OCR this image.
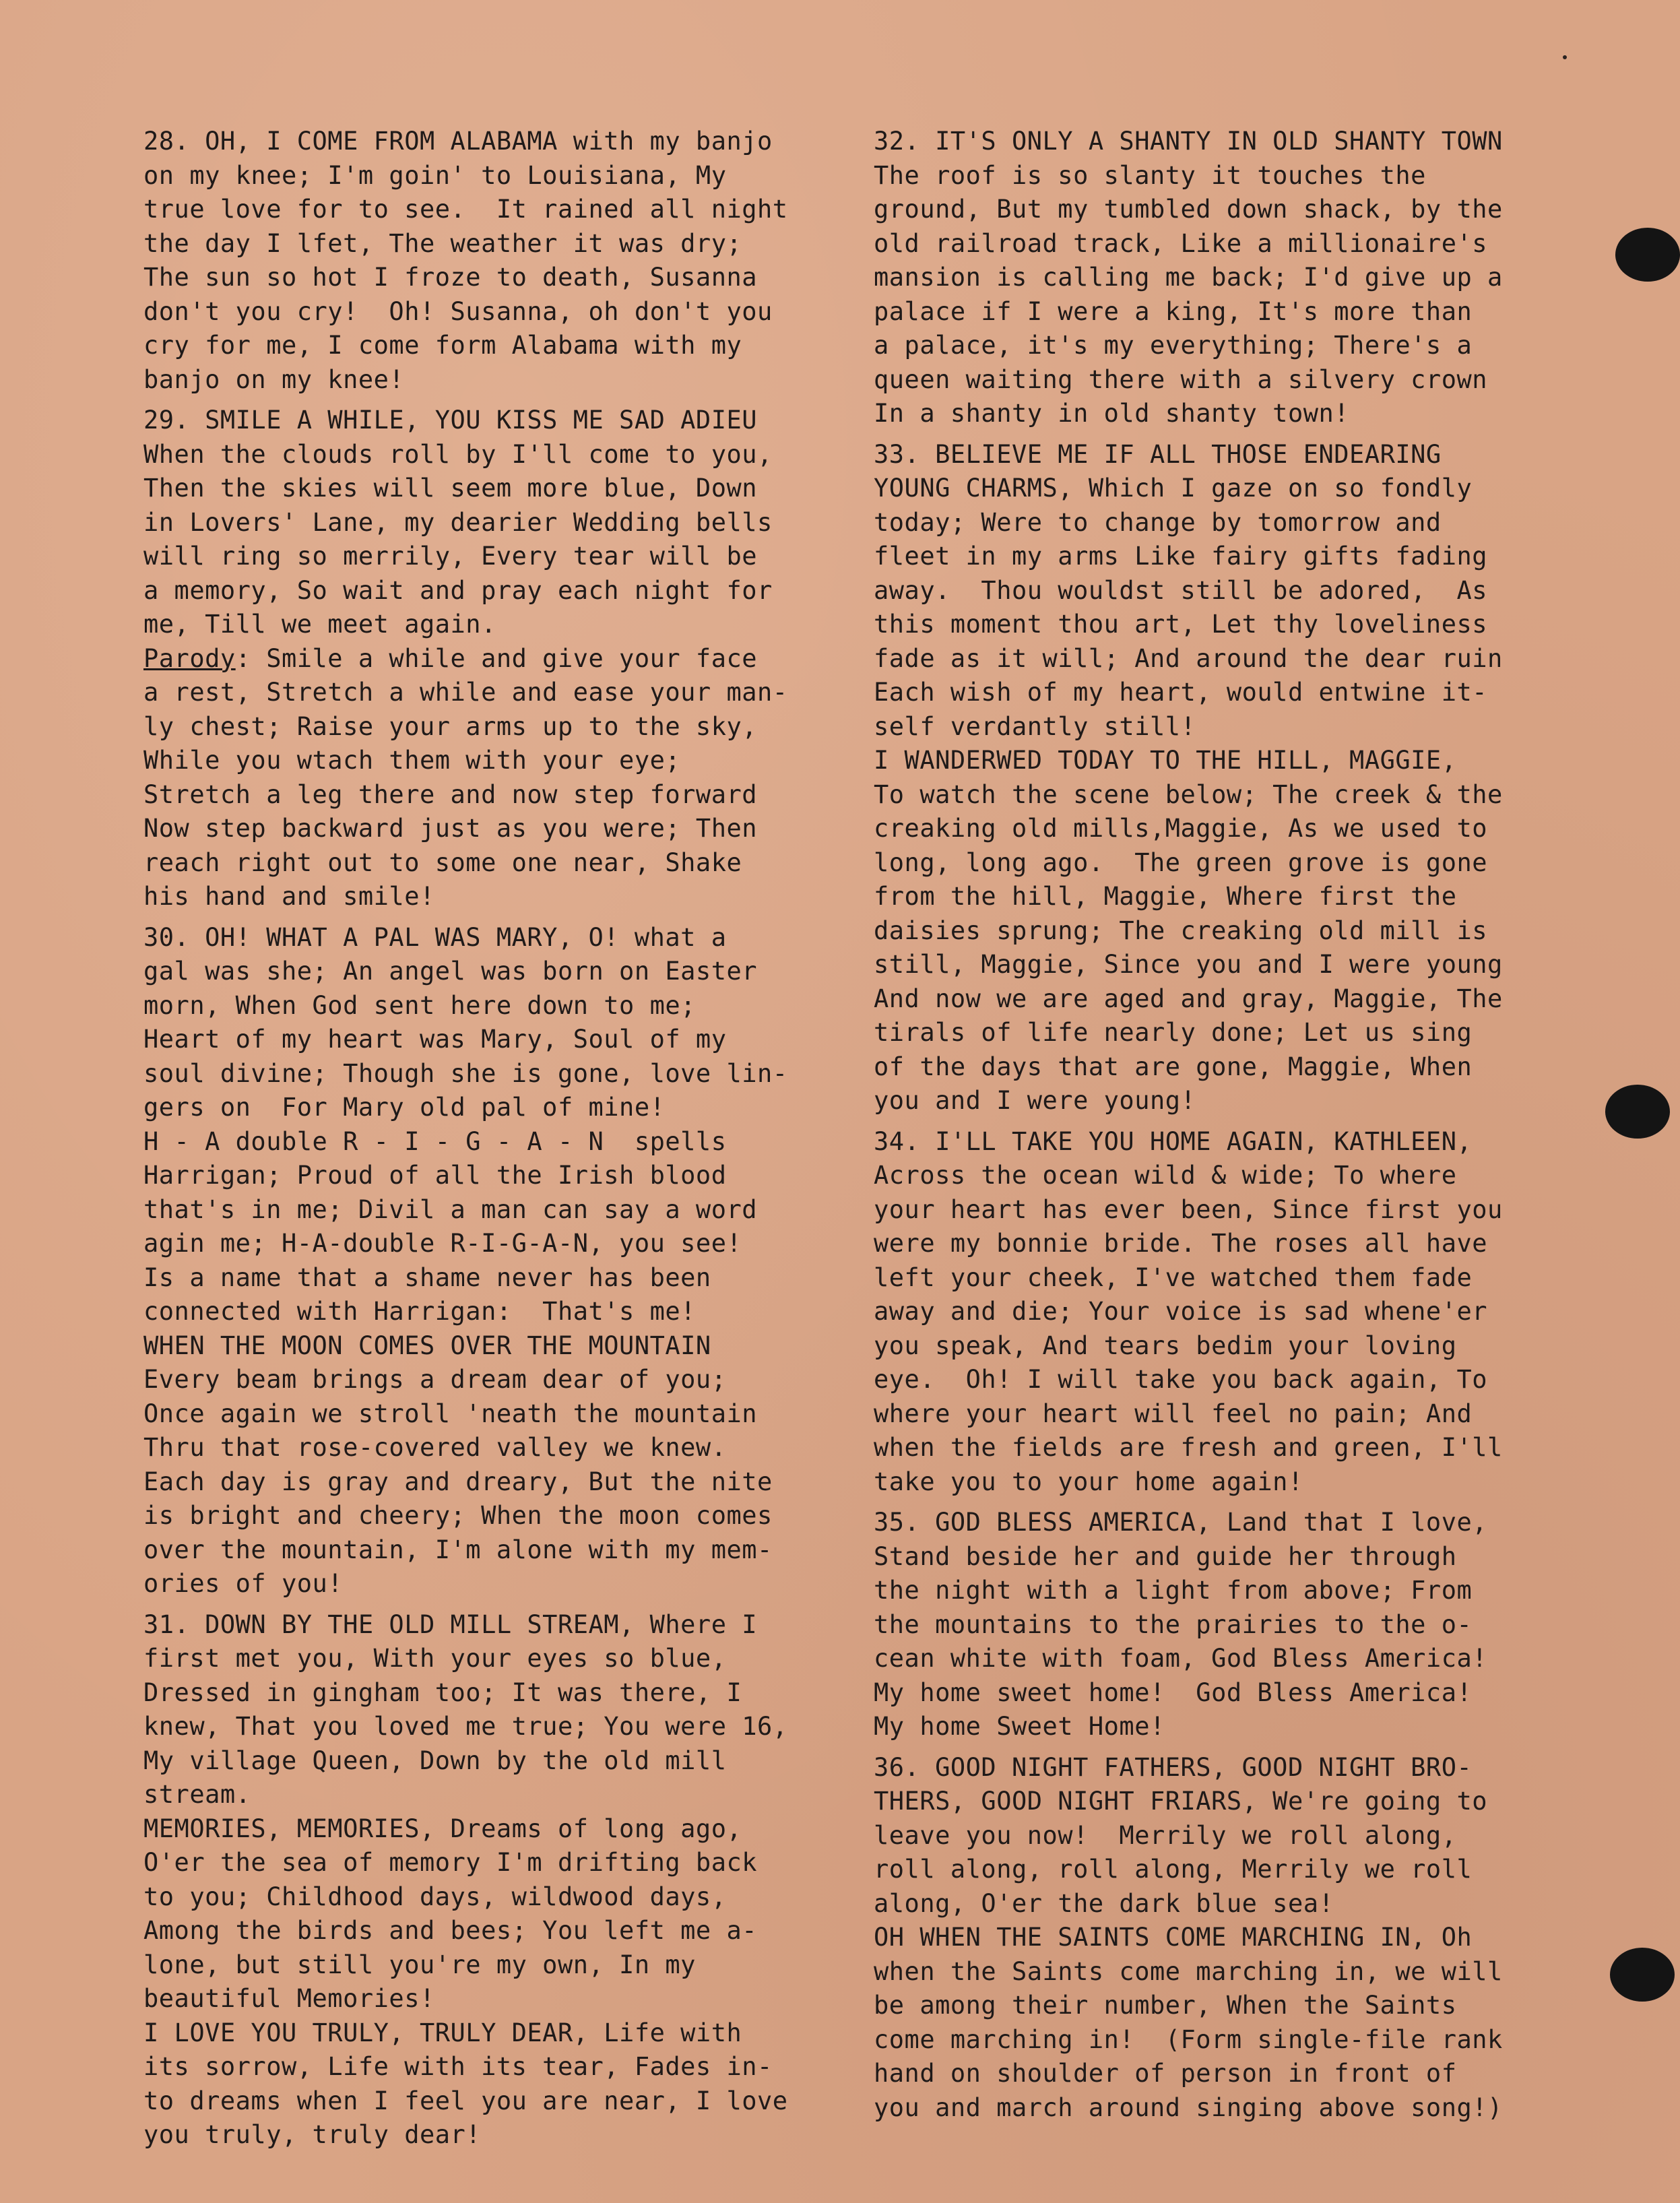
28. OH, I COME FROM ALABAMA with my banjo
on my knee; I'm goin' to Louisiana, My
true love for to see.  It rained all night
the day I lfet, The weather it was dry;
The sun so hot I froze to death, Susanna
don't you cry!  Oh! Susanna, oh don't you
cry for me, I come form Alabama with my
banjo on my knee!
29. SMILE A WHILE, YOU KISS ME SAD ADIEU
When the clouds roll by I'll come to you,
Then the skies will seem more blue, Down
in Lovers' Lane, my dearier Wedding bells
will ring so merrily, Every tear will be
a memory, So wait and pray each night for
me, Till we meet again.
Parody: Smile a while and give your face
a rest, Stretch a while and ease your man-
ly chest; Raise your arms up to the sky,
While you wtach them with your eye;
Stretch a leg there and now step forward
Now step backward just as you were; Then
reach right out to some one near, Shake
his hand and smile!
30. OH! WHAT A PAL WAS MARY, O! what a
gal was she; An angel was born on Easter
morn, When God sent here down to me;
Heart of my heart was Mary, Soul of my
soul divine; Though she is gone, love lin-
gers on  For Mary old pal of mine!
H - A double R - I - G - A - N  spells
Harrigan; Proud of all the Irish blood
that's in me; Divil a man can say a word
agin me; H-A-double R-I-G-A-N, you see!
Is a name that a shame never has been
connected with Harrigan:  That's me!
WHEN THE MOON COMES OVER THE MOUNTAIN
Every beam brings a dream dear of you;
Once again we stroll 'neath the mountain
Thru that rose-covered valley we knew.
Each day is gray and dreary, But the nite
is bright and cheery; When the moon comes
over the mountain, I'm alone with my mem-
ories of you!
31. DOWN BY THE OLD MILL STREAM, Where I
first met you, With your eyes so blue,
Dressed in gingham too; It was there, I
knew, That you loved me true; You were 16,
My village Queen, Down by the old mill
stream.
MEMORIES, MEMORIES, Dreams of long ago,
O'er the sea of memory I'm drifting back
to you; Childhood days, wildwood days,
Among the birds and bees; You left me a-
lone, but still you're my own, In my
beautiful Memories!
I LOVE YOU TRULY, TRULY DEAR, Life with
its sorrow, Life with its tear, Fades in-
to dreams when I feel you are near, I love
you truly, truly dear!
32. IT'S ONLY A SHANTY IN OLD SHANTY TOWN
The roof is so slanty it touches the
ground, But my tumbled down shack, by the
old railroad track, Like a millionaire's
mansion is calling me back; I'd give up a
palace if I were a king, It's more than
a palace, it's my everything; There's a
queen waiting there with a silvery crown
In a shanty in old shanty town!
33. BELIEVE ME IF ALL THOSE ENDEARING
YOUNG CHARMS, Which I gaze on so fondly
today; Were to change by tomorrow and
fleet in my arms Like fairy gifts fading
away.  Thou wouldst still be adored,  As
this moment thou art, Let thy loveliness
fade as it will; And around the dear ruin
Each wish of my heart, would entwine it-
self verdantly still!
I WANDERWED TODAY TO THE HILL, MAGGIE,
To watch the scene below; The creek & the
creaking old mills,Maggie, As we used to
long, long ago.  The green grove is gone
from the hill, Maggie, Where first the
daisies sprung; The creaking old mill is
still, Maggie, Since you and I were young
And now we are aged and gray, Maggie, The
tirals of life nearly done; Let us sing
of the days that are gone, Maggie, When
you and I were young!
34. I'LL TAKE YOU HOME AGAIN, KATHLEEN,
Across the ocean wild & wide; To where
your heart has ever been, Since first you
were my bonnie bride. The roses all have
left your cheek, I've watched them fade
away and die; Your voice is sad whene'er
you speak, And tears bedim your loving
eye.  Oh! I will take you back again, To
where your heart will feel no pain; And
when the fields are fresh and green, I'll
take you to your home again!
35. GOD BLESS AMERICA, Land that I love,
Stand beside her and guide her through
the night with a light from above; From
the mountains to the prairies to the o-
cean white with foam, God Bless America!
My home sweet home!  God Bless America!
My home Sweet Home!
36. GOOD NIGHT FATHERS, GOOD NIGHT BRO-
THERS, GOOD NIGHT FRIARS, We're going to
leave you now!  Merrily we roll along,
roll along, roll along, Merrily we roll
along, O'er the dark blue sea!
OH WHEN THE SAINTS COME MARCHING IN, Oh
when the Saints come marching in, we will
be among their number, When the Saints
come marching in!  (Form single-file rank
hand on shoulder of person in front of
you and march around singing above song!)
